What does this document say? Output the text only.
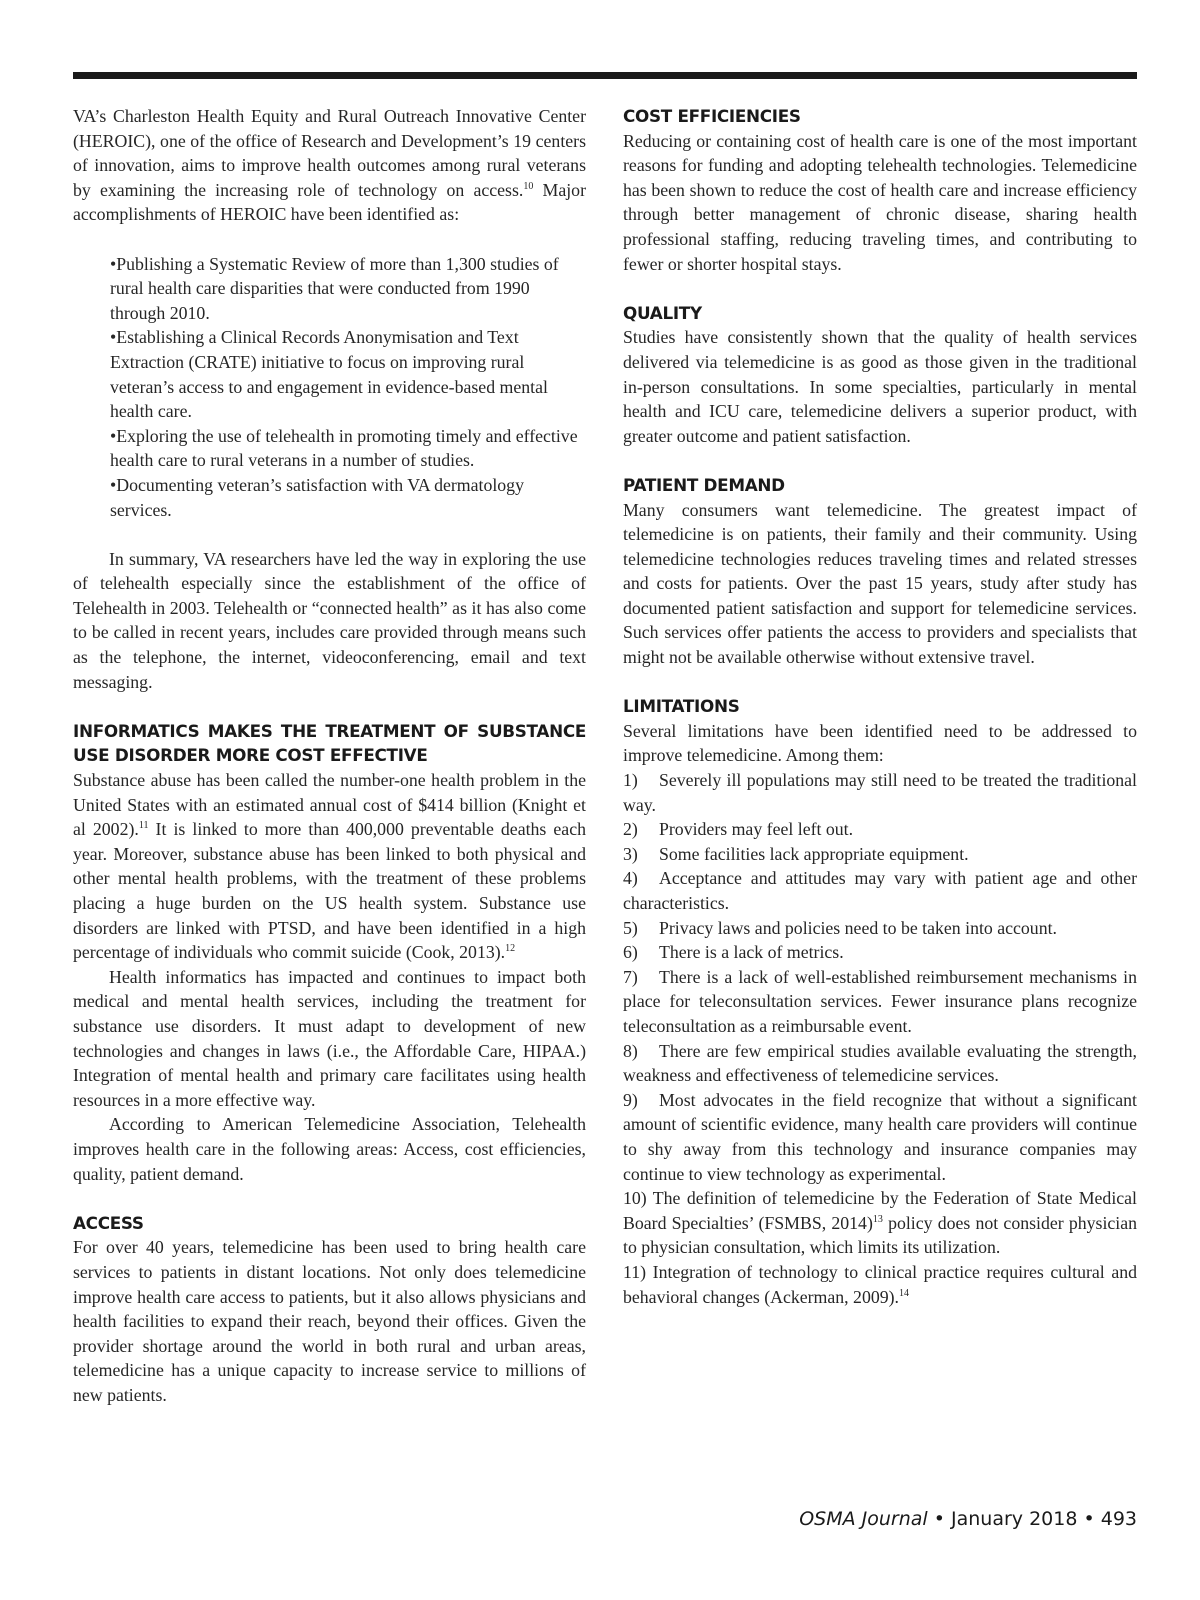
VA’s Charleston Health Equity and Rural Outreach Innovative Center (HEROIC), one of the office of Research and Development’s 19 centers of innovation, aims to improve health outcomes among rural veterans by examining the increasing role of technology on access.$^{10}$ Major accomplishments of HEROIC have been identified as:

•Publishing a Systematic Review of more than 1,300 studies of rural health care disparities that were conducted from 1990 through 2010.
•Establishing a Clinical Records Anonymisation and Text Extraction (CRATE) initiative to focus on improving rural veteran’s access to and engagement in evidence-based mental health care.
•Exploring the use of telehealth in promoting timely and effective health care to rural veterans in a number of studies.
•Documenting veteran’s satisfaction with VA dermatology services.

In summary, VA researchers have led the way in exploring the use of telehealth especially since the establishment of the office of Telehealth in 2003. Telehealth or “connected health” as it has also come to be called in recent years, includes care provided through means such as the telephone, the internet, videoconferencing, email and text messaging.

INFORMATICS MAKES THE TREATMENT OF SUBSTANCE USE DISORDER MORE COST EFFECTIVE

Substance abuse has been called the number-one health problem in the United States with an estimated annual cost of $414 billion (Knight et al 2002).$^{11}$ It is linked to more than 400,000 preventable deaths each year. Moreover, substance abuse has been linked to both physical and other mental health problems, with the treatment of these problems placing a huge burden on the US health system. Substance use disorders are linked with PTSD, and have been identified in a high percentage of individuals who commit suicide (Cook, 2013).$^{12}$

Health informatics has impacted and continues to impact both medical and mental health services, including the treatment for substance use disorders. It must adapt to development of new technologies and changes in laws (i.e., the Affordable Care, HIPAA.) Integration of mental health and primary care facilitates using health resources in a more effective way.

According to American Telemedicine Association, Telehealth improves health care in the following areas: Access, cost efficiencies, quality, patient demand.

ACCESS

For over 40 years, telemedicine has been used to bring health care services to patients in distant locations. Not only does telemedicine improve health care access to patients, but it also allows physicians and health facilities to expand their reach, beyond their offices. Given the provider shortage around the world in both rural and urban areas, telemedicine has a unique capacity to increase service to millions of new patients.

COST EFFICIENCIES

Reducing or containing cost of health care is one of the most important reasons for funding and adopting telehealth technologies. Telemedicine has been shown to reduce the cost of health care and increase efficiency through better management of chronic disease, sharing health professional staffing, reducing traveling times, and contributing to fewer or shorter hospital stays.

QUALITY

Studies have consistently shown that the quality of health services delivered via telemedicine is as good as those given in the traditional in-person consultations. In some specialties, particularly in mental health and ICU care, telemedicine delivers a superior product, with greater outcome and patient satisfaction.

PATIENT DEMAND

Many consumers want telemedicine. The greatest impact of telemedicine is on patients, their family and their community. Using telemedicine technologies reduces traveling times and related stresses and costs for patients. Over the past 15 years, study after study has documented patient satisfaction and support for telemedicine services. Such services offer patients the access to providers and specialists that might not be available otherwise without extensive travel.

LIMITATIONS

Several limitations have been identified need to be addressed to improve telemedicine. Among them:

1) Severely ill populations may still need to be treated the traditional way.
2) Providers may feel left out.
3) Some facilities lack appropriate equipment.
4) Acceptance and attitudes may vary with patient age and other characteristics.
5) Privacy laws and policies need to be taken into account.
6) There is a lack of metrics.
7) There is a lack of well-established reimbursement mechanisms in place for teleconsultation services. Fewer insurance plans recognize teleconsultation as a reimbursable event.
8) There are few empirical studies available evaluating the strength, weakness and effectiveness of telemedicine services.
9) Most advocates in the field recognize that without a significant amount of scientific evidence, many health care providers will continue to shy away from this technology and insurance companies may continue to view technology as experimental.
10) The definition of telemedicine by the Federation of State Medical Board Specialties’ (FSMBS, 2014)$^{13}$ policy does not consider physician to physician consultation, which limits its utilization.
11) Integration of technology to clinical practice requires cultural and behavioral changes (Ackerman, 2009).$^{14}$
OSMA Journal • January 2018 • 493
